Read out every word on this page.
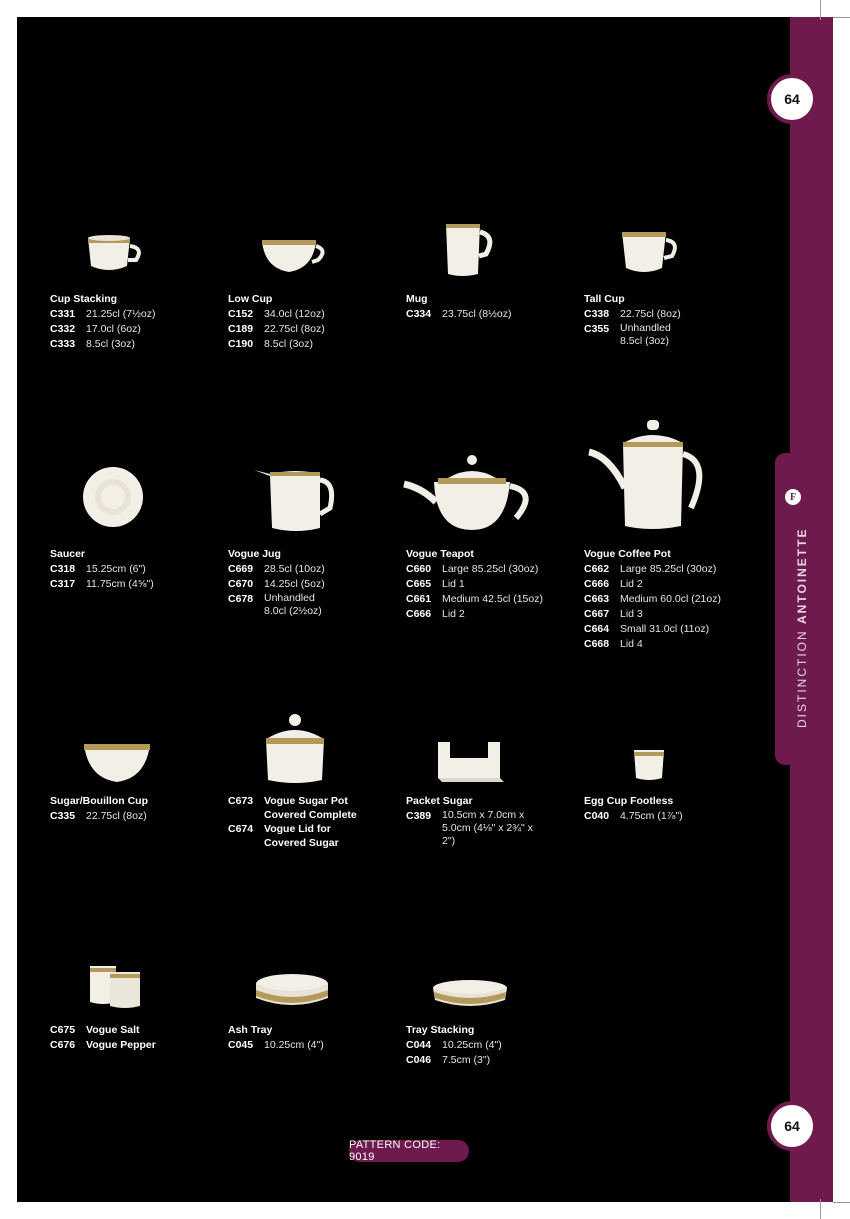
64
64
F
DISTINCTION ANTOINETTE
Cup Stacking
C331	21.25cl (7½oz)
C332	17.0cl (6oz)
C333	8.5cl (3oz)
Low Cup
C152	34.0cl (12oz)
C189	22.75cl (8oz)
C190	8.5cl (3oz)
Mug
C334	23.75cl (8½oz)
Tall Cup
C338	22.75cl (8oz)
C355	Unhandled 8.5cl (3oz)
Saucer
C318	15.25cm (6")
C317	11.75cm (4⅝")
Vogue Jug
C669	28.5cl (10oz)
C670	14.25cl (5oz)
C678	Unhandled 8.0cl (2½oz)
Vogue Teapot
C660	Large 85.25cl (30oz)
C665	Lid 1
C661	Medium 42.5cl (15oz)
C666	Lid 2
Vogue Coffee Pot
C662	Large 85.25cl (30oz)
C666	Lid 2
C663	Medium 60.0cl (21oz)
C667	Lid 3
C664	Small 31.0cl (11oz)
C668	Lid 4
Sugar/Bouillon Cup
C335	22.75cl (8oz)
C673	Vogue Sugar Pot Covered Complete
C674	Vogue Lid for Covered Sugar
Packet Sugar
C389	10.5cm x 7.0cm x 5.0cm (4⅛" x 2¾" x 2")
Egg Cup Footless
C040	4.75cm (1⅞")
C675	Vogue Salt
C676	Vogue Pepper
Ash Tray
C045	10.25cm (4")
Tray Stacking
C044	10.25cm (4")
C046	7.5cm (3")
PATTERN CODE: 9019
